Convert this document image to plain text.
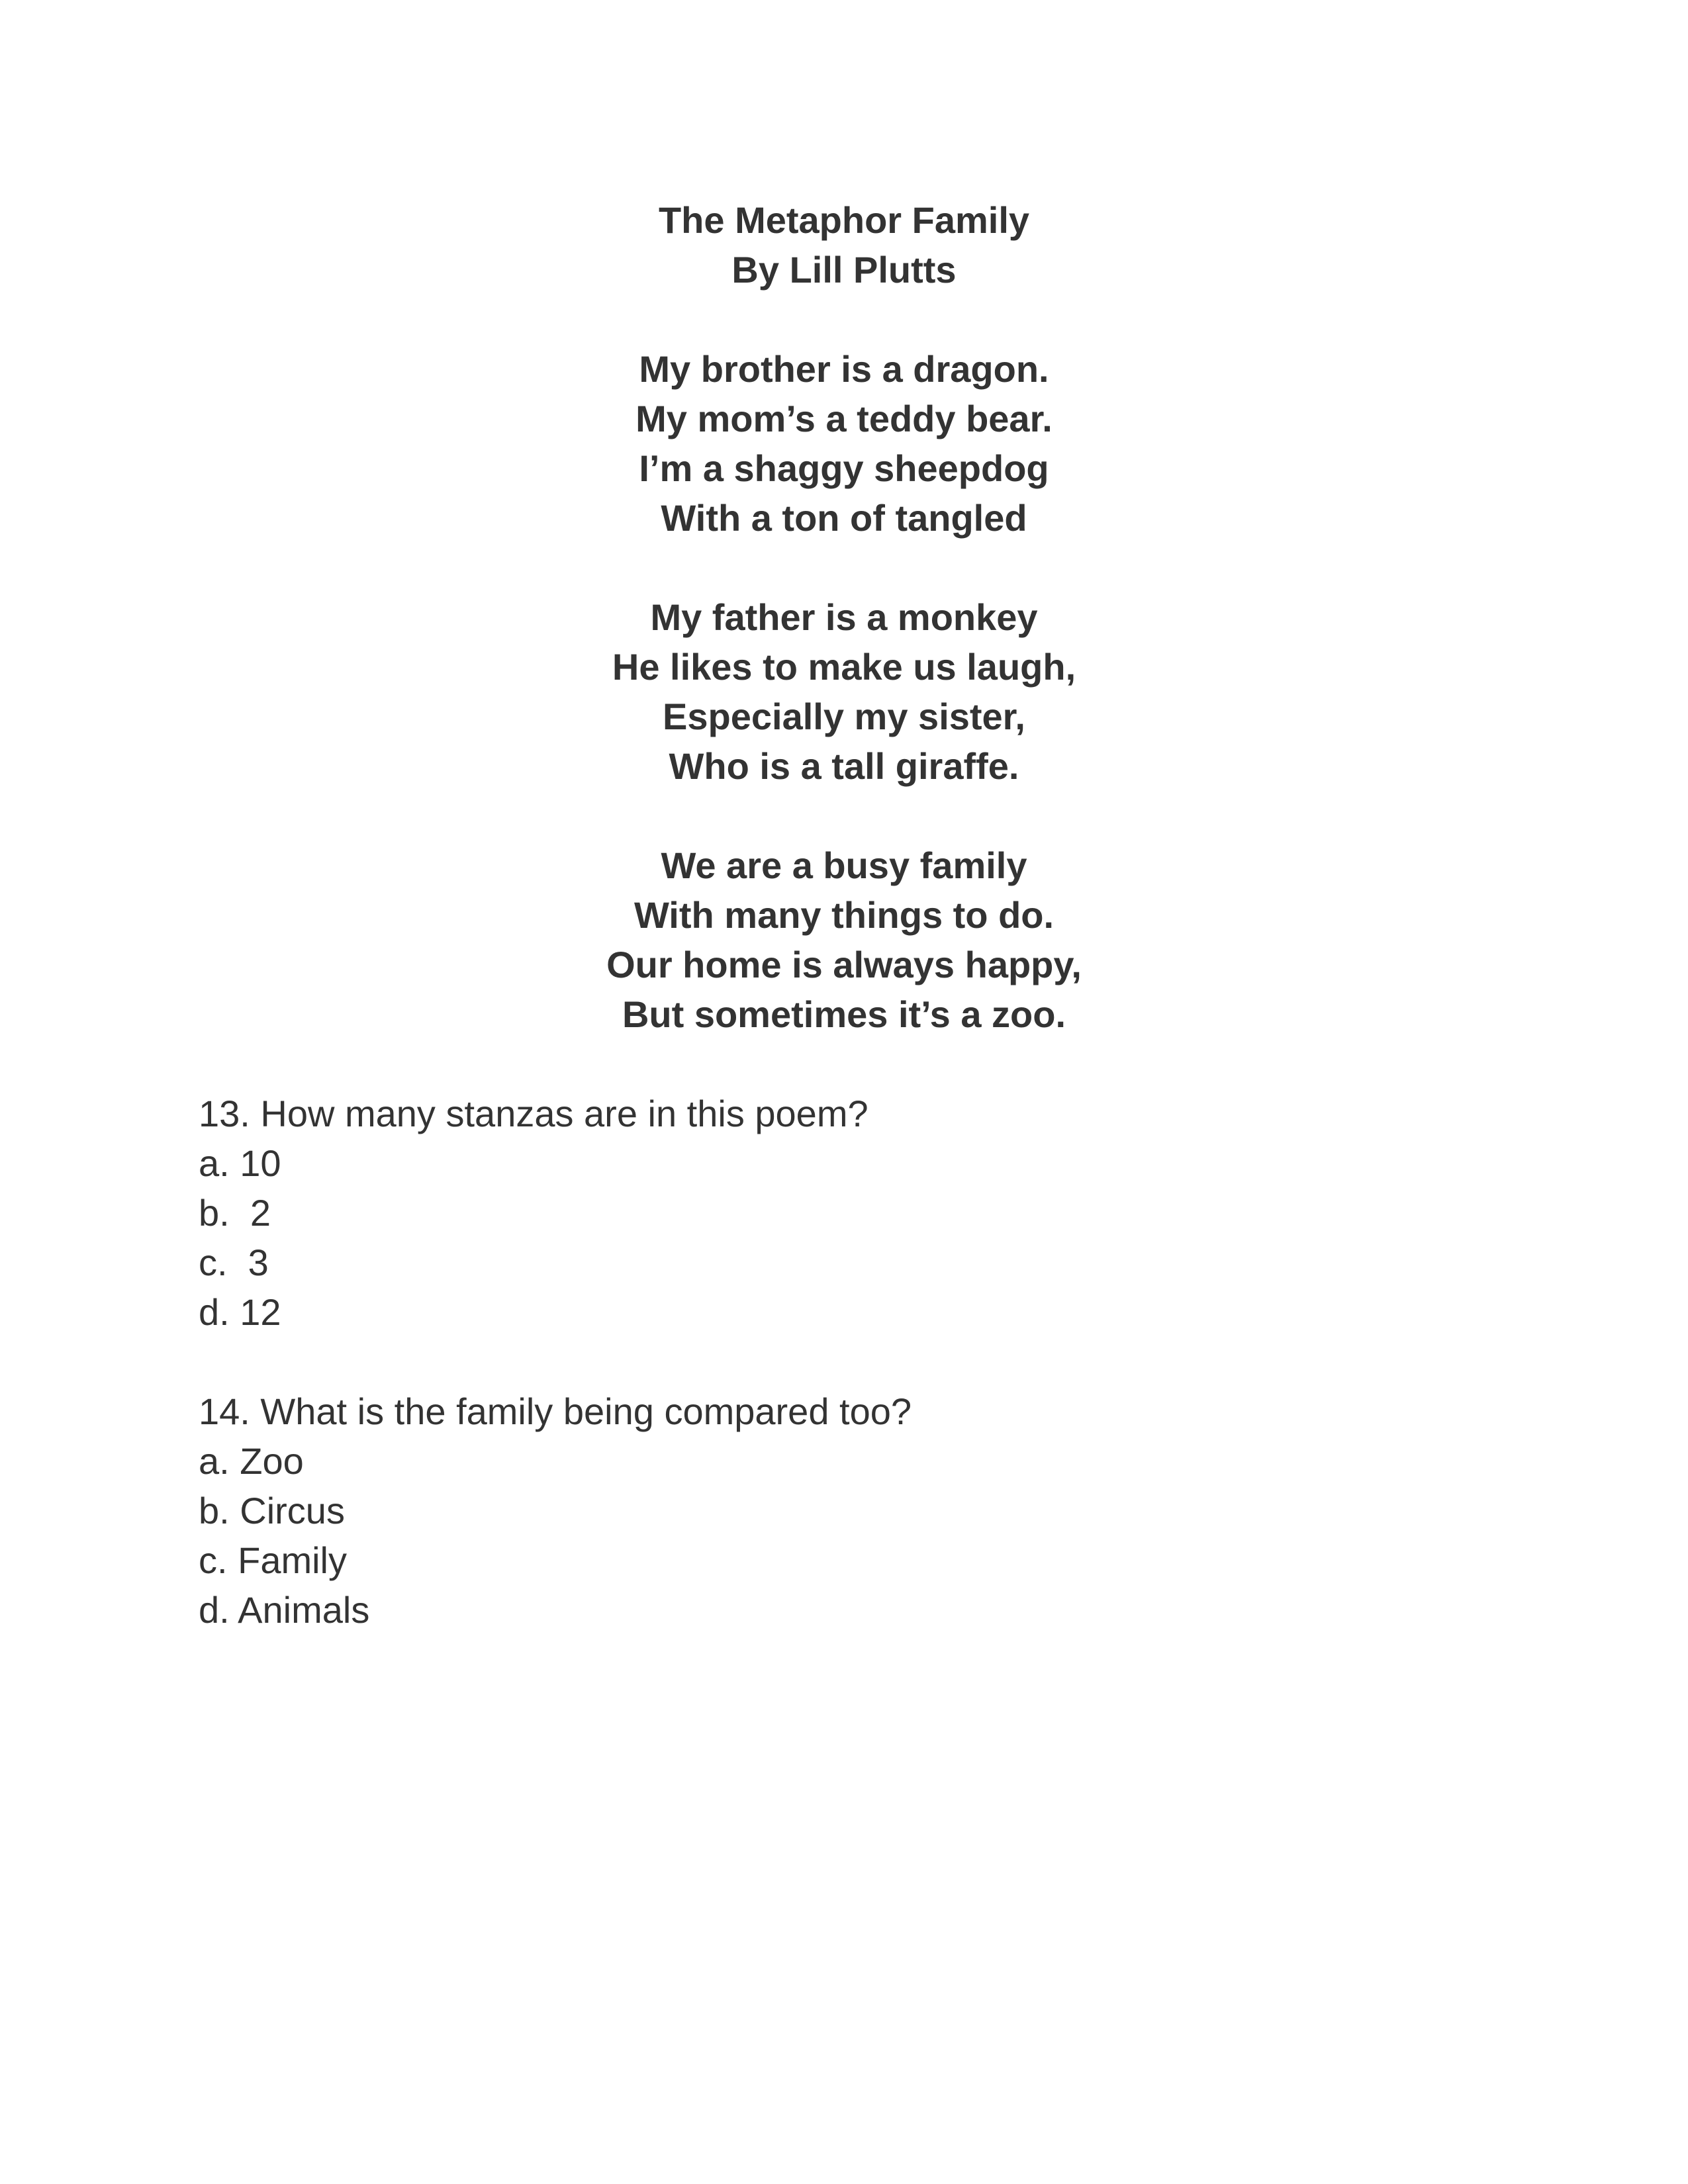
The Metaphor Family
By Lill Plutts
My brother is a dragon.
My mom’s a teddy bear.
I’m a shaggy sheepdog
With a ton of tangled
My father is a monkey
He likes to make us laugh,
Especially my sister,
Who is a tall giraffe.
We are a busy family
With many things to do.
Our home is always happy,
But sometimes it’s a zoo.
13. How many stanzas are in this poem?
a. 10
b.  2
c.  3
d. 12
14. What is the family being compared too?
a. Zoo
b. Circus
c. Family
d. Animals
